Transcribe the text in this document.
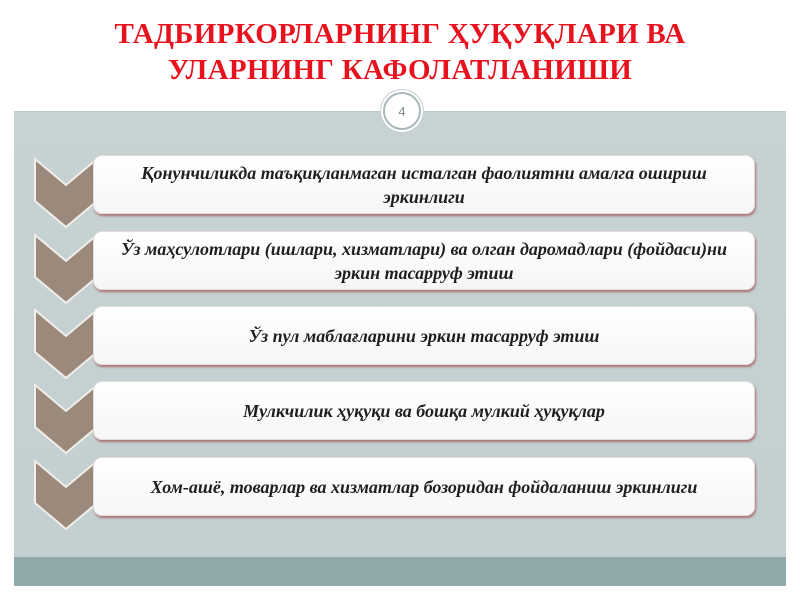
ТАДБИРКОРЛАРНИНГ ҲУҚУҚЛАРИ ВА
УЛАРНИНГ КАФОЛАТЛАНИШИ
4
Қонунчиликда таъқиқланмаган исталган фаолиятни амалга ошириш эркинлиги
Ўз маҳсулотлари (ишлари, хизматлари) ва олган даромадлари (фойдаси)ни эркин тасарруф этиш
Ўз пул маблағларини эркин тасарруф этиш
Мулкчилик ҳуқуқи ва бошқа мулкий ҳуқуқлар
Хом-ашё, товарлар ва хизматлар бозоридан фойдаланиш эркинлиги
